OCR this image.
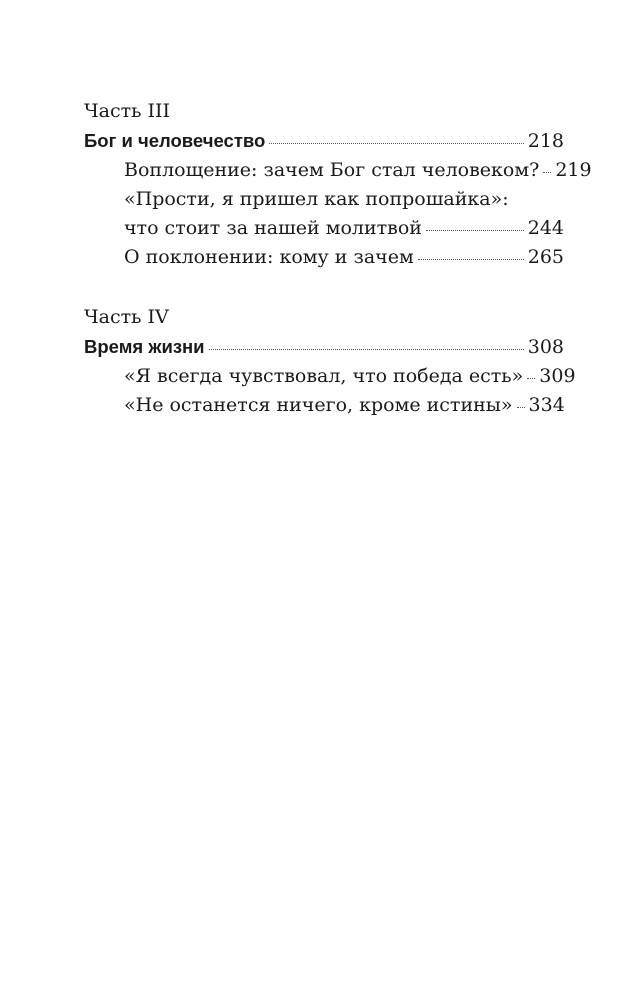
Часть III
Бог и человечество	218
Воплощение: зачем Бог стал человеком? 219
«Прости, я пришел как попрошайка»:
что стоит за нашей молитвой	244
О поклонении: кому и зачем	265
Часть IV
Время жизни	308
«Я всегда чувствовал, что победа есть» 309
«Не останется ничего, кроме истины» 334
